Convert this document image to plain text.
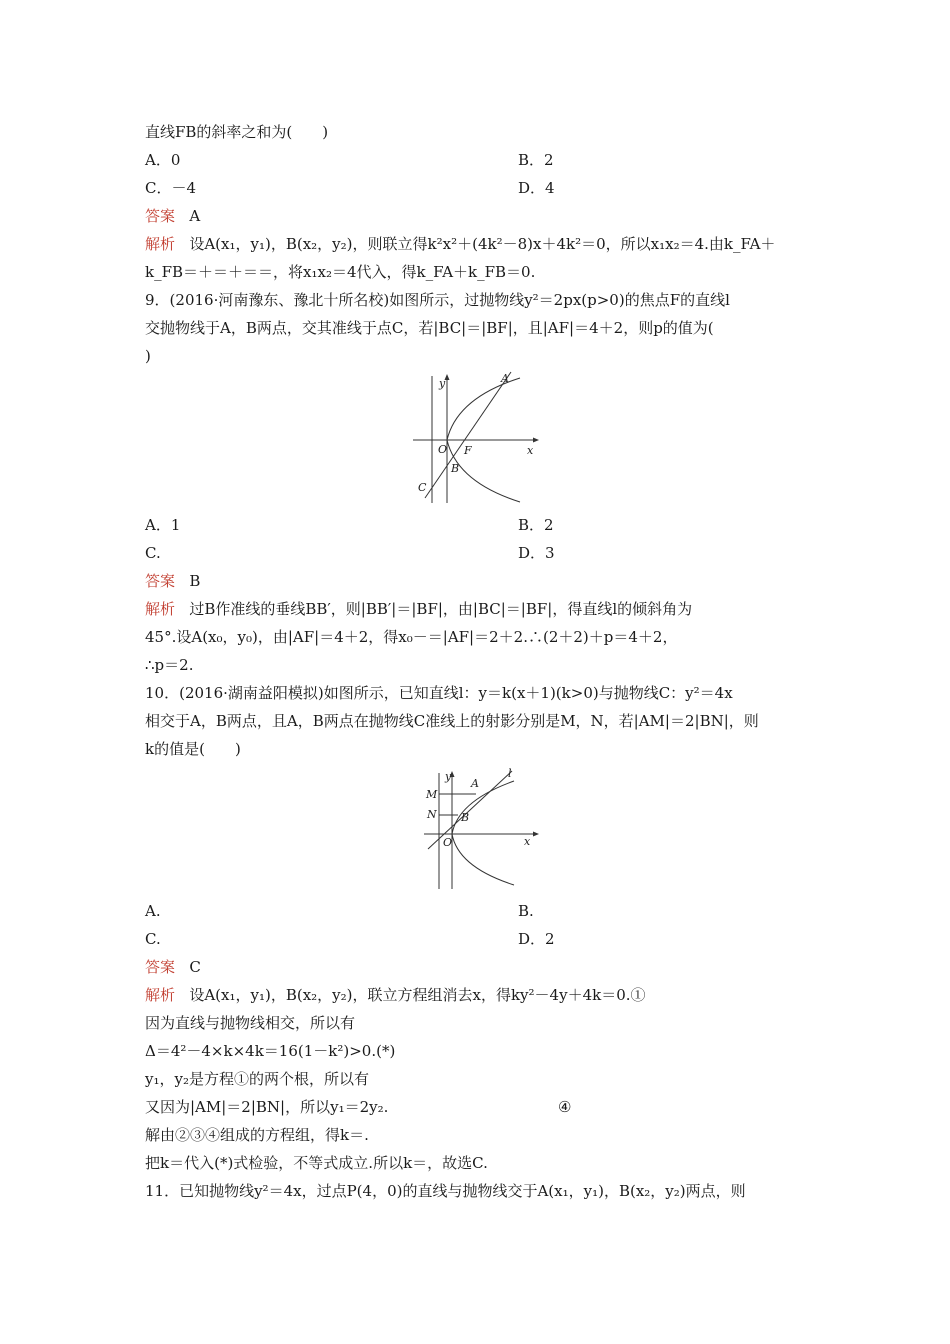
直线FB的斜率之和为(　　)
A．0	B．2
C．－4	D．4
答案 A
解析 设A(x₁，y₁)，B(x₂，y₂)，则联立得k²x²＋(4k²－8)x＋4k²＝0，所以x₁x₂＝4.由k_FA＋
k_FB＝＋＝＋＝＝，将x₁x₂＝4代入，得k_FA＋k_FB＝0.
9．(2016·河南豫东、豫北十所名校)如图所示，过抛物线y²＝2px(p>0)的焦点F的直线l
交抛物线于A，B两点，交其准线于点C，若|BC|＝|BF|，且|AF|＝4＋2，则p的值为(
)
A
O F
B
C
x
y
A．1	B．2
C.	D．3
答案 B
解析 过B作准线的垂线BB′，则|BB′|＝|BF|，由|BC|＝|BF|，得直线l的倾斜角为
45°.设A(x₀，y₀)，由|AF|＝4＋2，得x₀－＝|AF|＝2＋2.∴(2＋2)＋p＝4＋2，
∴p＝2.
10．(2016·湖南益阳模拟)如图所示，已知直线l：y＝k(x＋1)(k>0)与抛物线C：y²＝4x
相交于A，B两点，且A，B两点在抛物线C准线上的射影分别是M，N，若|AM|＝2|BN|，则
k的值是(　　)
A
B
M
N
O
l
x
y
A.	B.
C.	D．2
答案 C
解析 设A(x₁，y₁)，B(x₂，y₂)，联立方程组消去x，得ky²－4y＋4k＝0.①
因为直线与抛物线相交，所以有
Δ＝4²－4×k×4k＝16(1－k²)>0.(*)
y₁，y₂是方程①的两个根，所以有
又因为|AM|＝2|BN|，所以y₁＝2y₂.	④
解由②③④组成的方程组，得k＝.
把k＝代入(*)式检验，不等式成立.所以k＝，故选C.
11．已知抛物线y²＝4x，过点P(4，0)的直线与抛物线交于A(x₁，y₁)，B(x₂，y₂)两点，则
